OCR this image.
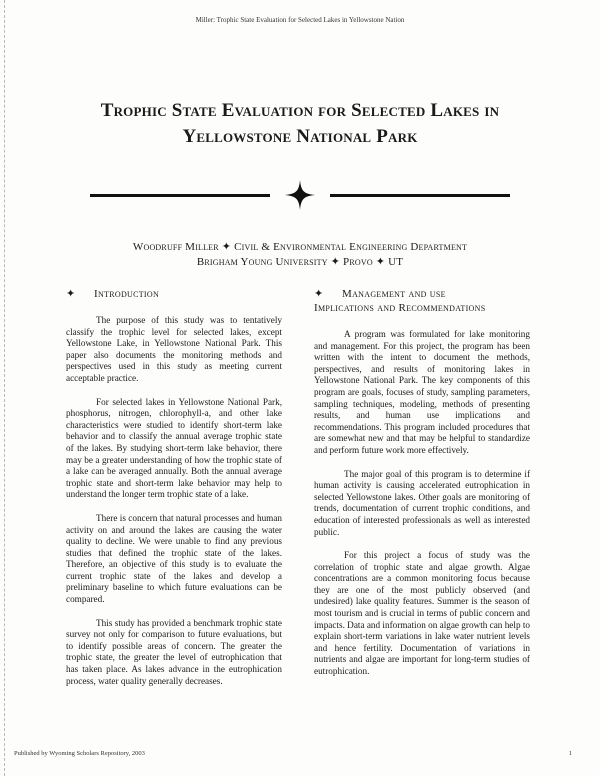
Miller: Trophic State Evaluation for Selected Lakes in Yellowstone Nation
Trophic State Evaluation for Selected Lakes in
Yellowstone National Park
Woodruff Miller ✦ Civil & Environmental Engineering Department
Brigham Young University ✦ Provo ✦ UT
✦ Introduction

The purpose of this study was to tentatively classify the trophic level for selected lakes, except Yellowstone Lake, in Yellowstone National Park. This paper also documents the monitoring methods and perspectives used in this study as meeting current acceptable practice.

For selected lakes in Yellowstone National Park, phosphorus, nitrogen, chlorophyll-a, and other lake characteristics were studied to identify short-term lake behavior and to classify the annual average trophic state of the lakes. By studying short-term lake behavior, there may be a greater understanding of how the trophic state of a lake can be averaged annually. Both the annual average trophic state and short-term lake behavior may help to understand the longer term trophic state of a lake.

There is concern that natural processes and human activity on and around the lakes are causing the water quality to decline. We were unable to find any previous studies that defined the trophic state of the lakes. Therefore, an objective of this study is to evaluate the current trophic state of the lakes and develop a preliminary baseline to which future evaluations can be compared.

This study has provided a benchmark trophic state survey not only for comparison to future evaluations, but to identify possible areas of concern. The greater the trophic state, the greater the level of eutrophication that has taken place. As lakes advance in the eutrophication process, water quality generally decreases.

✦ Management and use
Implications and Recommendations

A program was formulated for lake monitoring and management. For this project, the program has been written with the intent to document the methods, perspectives, and results of monitoring lakes in Yellowstone National Park. The key components of this program are goals, focuses of study, sampling parameters, sampling techniques, modeling, methods of presenting results, and human use implications and recommendations. This program included procedures that are somewhat new and that may be helpful to standardize and perform future work more effectively.

The major goal of this program is to determine if human activity is causing accelerated eutrophication in selected Yellowstone lakes. Other goals are monitoring of trends, documentation of current trophic conditions, and education of interested professionals as well as interested public.

For this project a focus of study was the correlation of trophic state and algae growth. Algae concentrations are a common monitoring focus because they are one of the most publicly observed (and undesired) lake quality features. Summer is the season of most tourism and is crucial in terms of public concern and impacts. Data and information on algae growth can help to explain short-term variations in lake water nutrient levels and hence fertility. Documentation of variations in nutrients and algae are important for long-term studies of eutrophication.

Published by Wyoming Scholars Repository, 2003	1
